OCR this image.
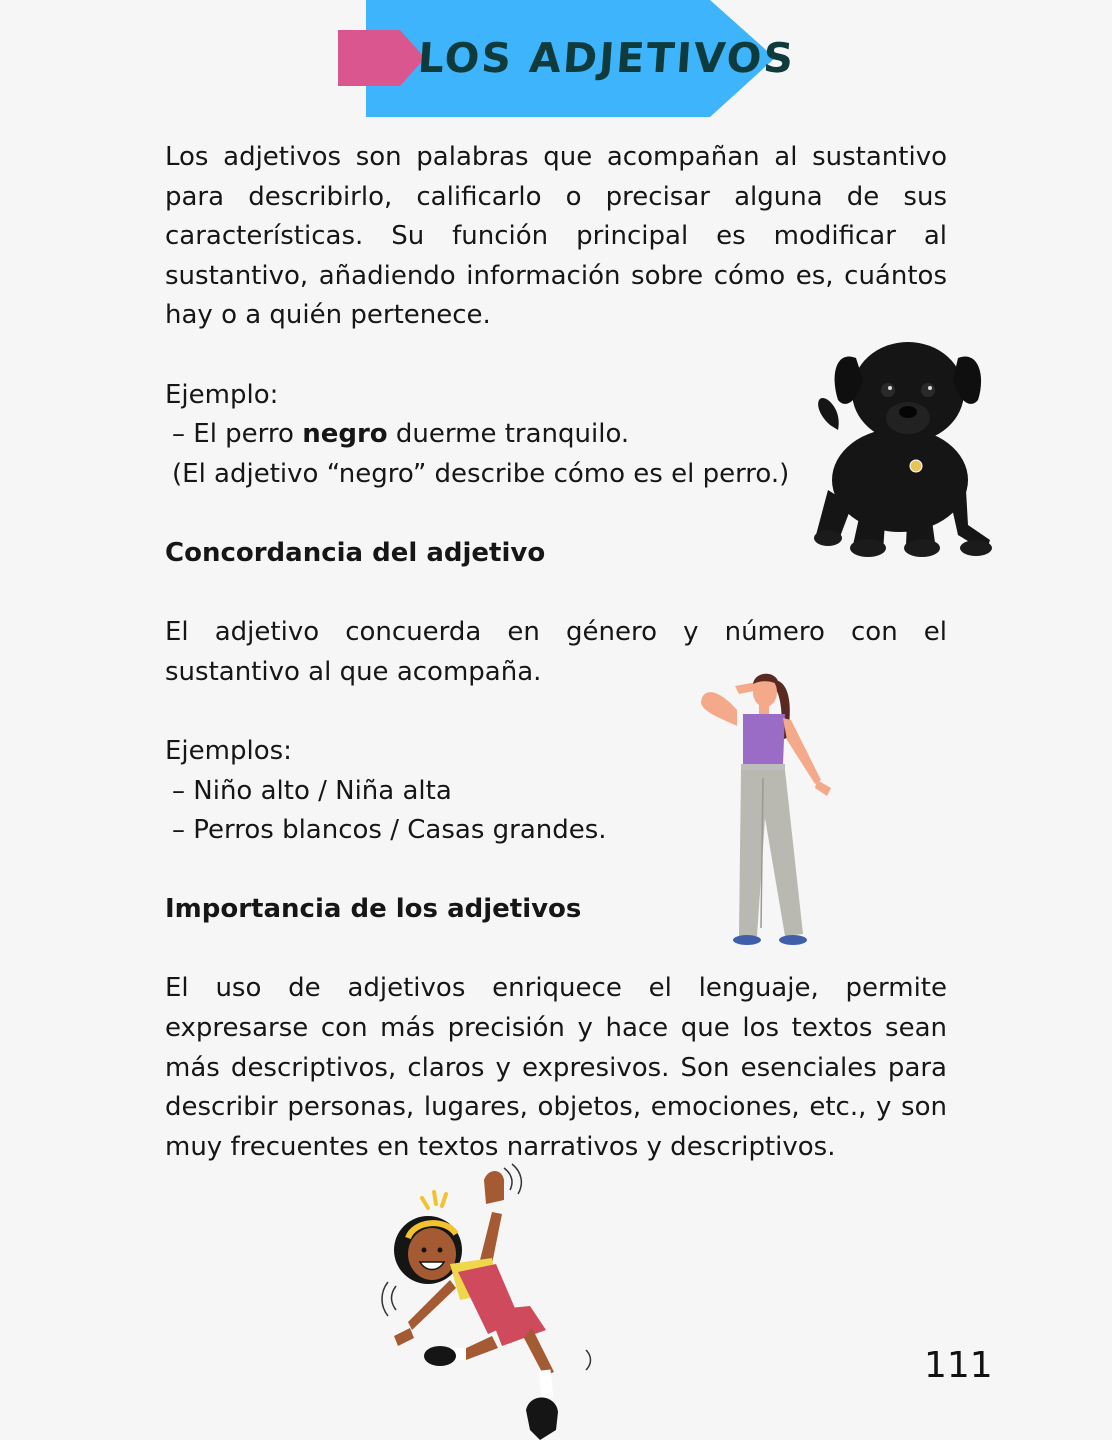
LOS ADJETIVOS

Los adjetivos son palabras que acompañan al sustantivo para describirlo, calificarlo o precisar alguna de sus características. Su función principal es modificar al sustantivo, añadiendo información sobre cómo es, cuántos hay o a quién pertenece.

Ejemplo:

– El perro negro duerme tranquilo.

(El adjetivo “negro” describe cómo es el perro.)

Concordancia del adjetivo

El adjetivo concuerda en género y número con el sustantivo al que acompaña.

Ejemplos:

– Niño alto / Niña alta

– Perros blancos / Casas grandes.

Importancia de los adjetivos

El uso de adjetivos enriquece el lenguaje, permite expresarse con más precisión y hace que los textos sean más descriptivos, claros y expresivos. Son esenciales para describir personas, lugares, objetos, emociones, etc., y son muy frecuentes en textos narrativos y descriptivos.

111
